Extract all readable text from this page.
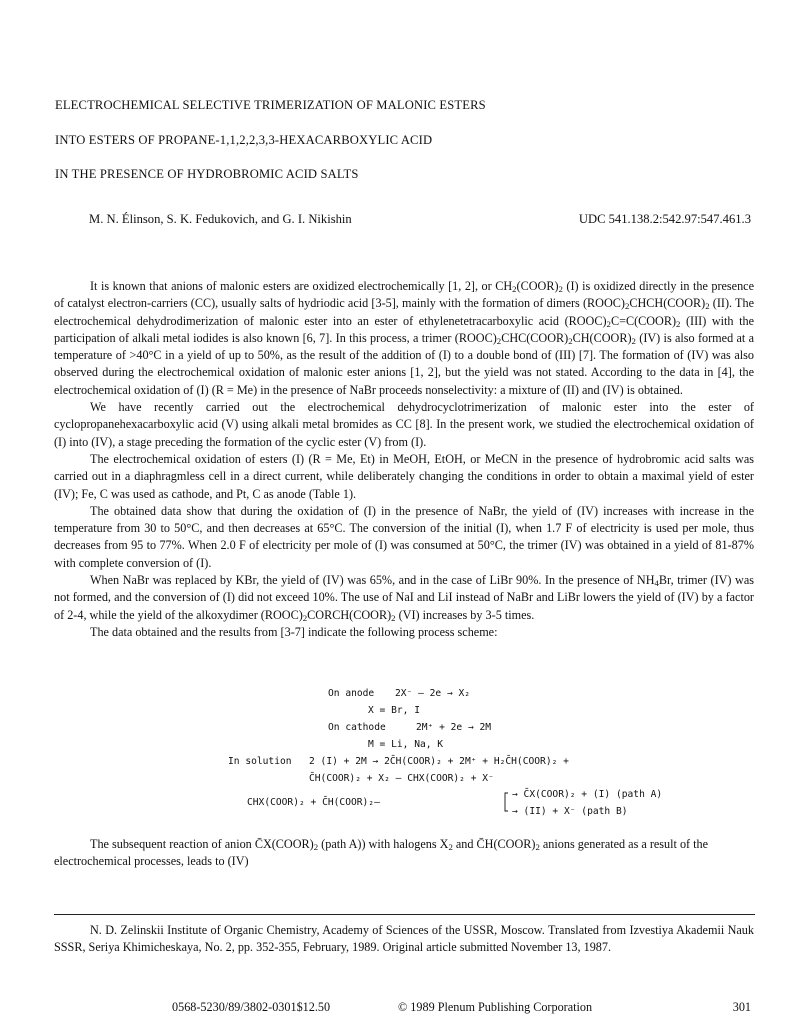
ELECTROCHEMICAL SELECTIVE TRIMERIZATION OF MALONIC ESTERS
INTO ESTERS OF PROPANE-1,1,2,2,3,3-HEXACARBOXYLIC ACID
IN THE PRESENCE OF HYDROBROMIC ACID SALTS
M. N. Élinson, S. K. Fedukovich, and G. I. Nikishin	UDC 541.138.2:542.97:547.461.3

It is known that anions of malonic esters are oxidized electrochemically [1, 2], or $CH_2(COOR)_2$ (I) is oxidized directly in the presence of catalyst electron-carriers (CC), usually salts of hydriodic acid [3-5], mainly with the formation of dimers $(ROOC)_2CHCH(COOR)_2$ (II). The electrochemical dehydrodimerization of malonic ester into an ester of ethylenetetracarboxylic acid $(ROOC)_2C=C(COOR)_2$ (III) with the participation of alkali metal iodides is also known [6, 7]. In this process, a trimer $(ROOC)_2CHC(COOR)_2CH(COOR)_2$ (IV) is also formed at a temperature of >40°C in a yield of up to 50%, as the result of the addition of (I) to a double bond of (III) [7]. The formation of (IV) was also observed during the electrochemical oxidation of malonic ester anions [1, 2], but the yield was not stated. According to the data in [4], the electrochemical oxidation of (I) (R = Me) in the presence of NaBr proceeds nonselectivity: a mixture of (II) and (IV) is obtained.

We have recently carried out the electrochemical dehydrocyclotrimerization of malonic ester into the ester of cyclopropanehexacarboxylic acid (V) using alkali metal bromides as CC [8]. In the present work, we studied the electrochemical oxidation of (I) into (IV), a stage preceding the formation of the cyclic ester (V) from (I).

The electrochemical oxidation of esters (I) (R = Me, Et) in MeOH, EtOH, or MeCN in the presence of hydrobromic acid salts was carried out in a diaphragmless cell in a direct current, while deliberately changing the conditions in order to obtain a maximal yield of ester (IV); Fe, C was used as cathode, and Pt, C as anode (Table 1).

The obtained data show that during the oxidation of (I) in the presence of NaBr, the yield of (IV) increases with increase in the temperature from 30 to 50°C, and then decreases at 65°C. The conversion of the initial (I), when 1.7 F of electricity is used per mole, thus decreases from 95 to 77%. When 2.0 F of electricity per mole of (I) was consumed at 50°C, the trimer (IV) was obtained in a yield of 81-87% with complete conversion of (I).

When NaBr was replaced by KBr, the yield of (IV) was 65%, and in the case of LiBr 90%. In the presence of $NH_4Br$, trimer (IV) was not formed, and the conversion of (I) did not exceed 10%. The use of NaI and LiI instead of NaBr and LiBr lowers the yield of (IV) by a factor of 2-4, while the yield of the alkoxydimer $(ROOC)_2CORCH(COOR)_2$ (VI) increases by 3-5 times.

The data obtained and the results from [3-7] indicate the following process scheme:

On anode 2X⁻ — 2e → X₂
X = Br, I
On cathode	2M⁺ + 2e → 2M
M = Li, Na, K
In solution 2 (I) + 2M → 2C̄H(COOR)₂ + 2M⁺ + H₂C̄H(COOR)₂ +
C̄H(COOR)₂ + X₂ — CHX(COOR)₂ + X⁻
→ C̄X(COOR)₂ + (I) (path A)
CHX(COOR)₂ + C̄H(COOR)₂—
→ (II) + X⁻ (path B)

The subsequent reaction of anion $C̄X(COOR)_2$ (path A)) with halogens $X_2$ and $C̄H(COOR)_2$ anions generated as a result of the electrochemical processes, leads to (IV)

N. D. Zelinskii Institute of Organic Chemistry, Academy of Sciences of the USSR, Moscow. Translated from Izvestiya Akademii Nauk SSSR, Seriya Khimicheskaya, No. 2, pp. 352-355, February, 1989. Original article submitted November 13, 1987.

0568-5230/89/3802-0301$12.50	© 1989 Plenum Publishing Corporation	301
